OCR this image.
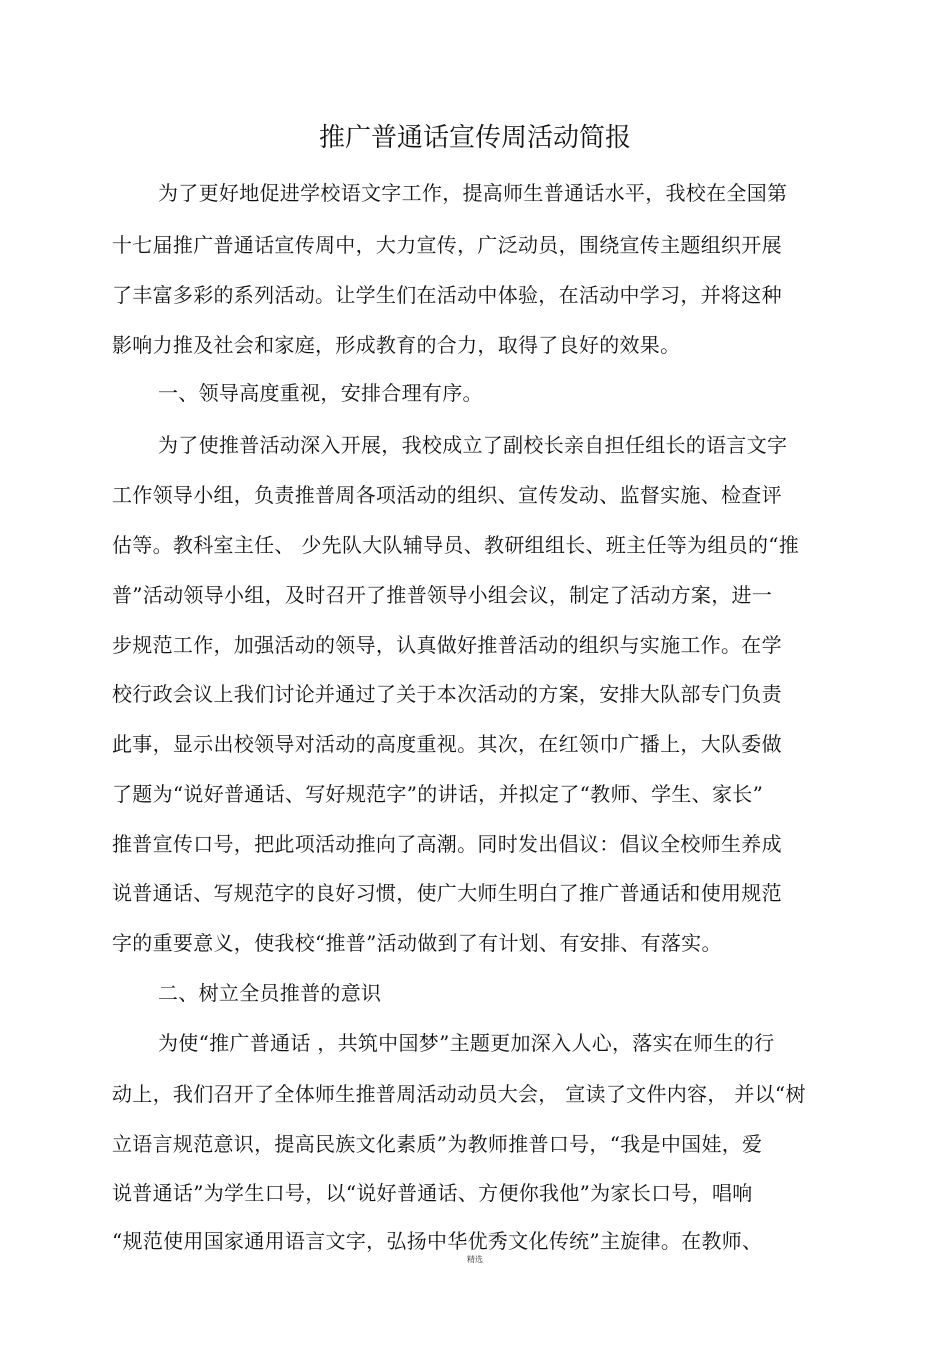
推广普通话宣传周活动简报
为了更好地促进学校语文字工作，提高师生普通话水平，我校在全国第
十七届推广普通话宣传周中，大力宣传，广泛动员，围绕宣传主题组织开展
了丰富多彩的系列活动。让学生们在活动中体验，在活动中学习，并将这种
影响力推及社会和家庭，形成教育的合力，取得了良好的效果。
一、领导高度重视，安排合理有序。
为了使推普活动深入开展，我校成立了副校长亲自担任组长的语言文字
工作领导小组，负责推普周各项活动的组织、宣传发动、监督实施、检查评
估等。教科室主任、 少先队大队辅导员、教研组组长、班主任等为组员的“推
普”活动领导小组，及时召开了推普领导小组会议，制定了活动方案，进一
步规范工作，加强活动的领导，认真做好推普活动的组织与实施工作。在学
校行政会议上我们讨论并通过了关于本次活动的方案，安排大队部专门负责
此事，显示出校领导对活动的高度重视。其次，在红领巾广播上，大队委做
了题为“说好普通话、写好规范字”的讲话，并拟定了“教师、学生、家长”
推普宣传口号，把此项活动推向了高潮。同时发出倡议：倡议全校师生养成
说普通话、写规范字的良好习惯，使广大师生明白了推广普通话和使用规范
字的重要意义，使我校“推普”活动做到了有计划、有安排、有落实。
二、树立全员推普的意识
为使“推广普通话 ，共筑中国梦”主题更加深入人心，落实在师生的行
动上，我们召开了全体师生推普周活动动员大会， 宣读了文件内容， 并以“树
立语言规范意识，提高民族文化素质”为教师推普口号，“我是中国娃，爱
说普通话”为学生口号，以“说好普通话、方便你我他”为家长口号，唱响
“规范使用国家通用语言文字，弘扬中华优秀文化传统”主旋律。在教师、
精选
